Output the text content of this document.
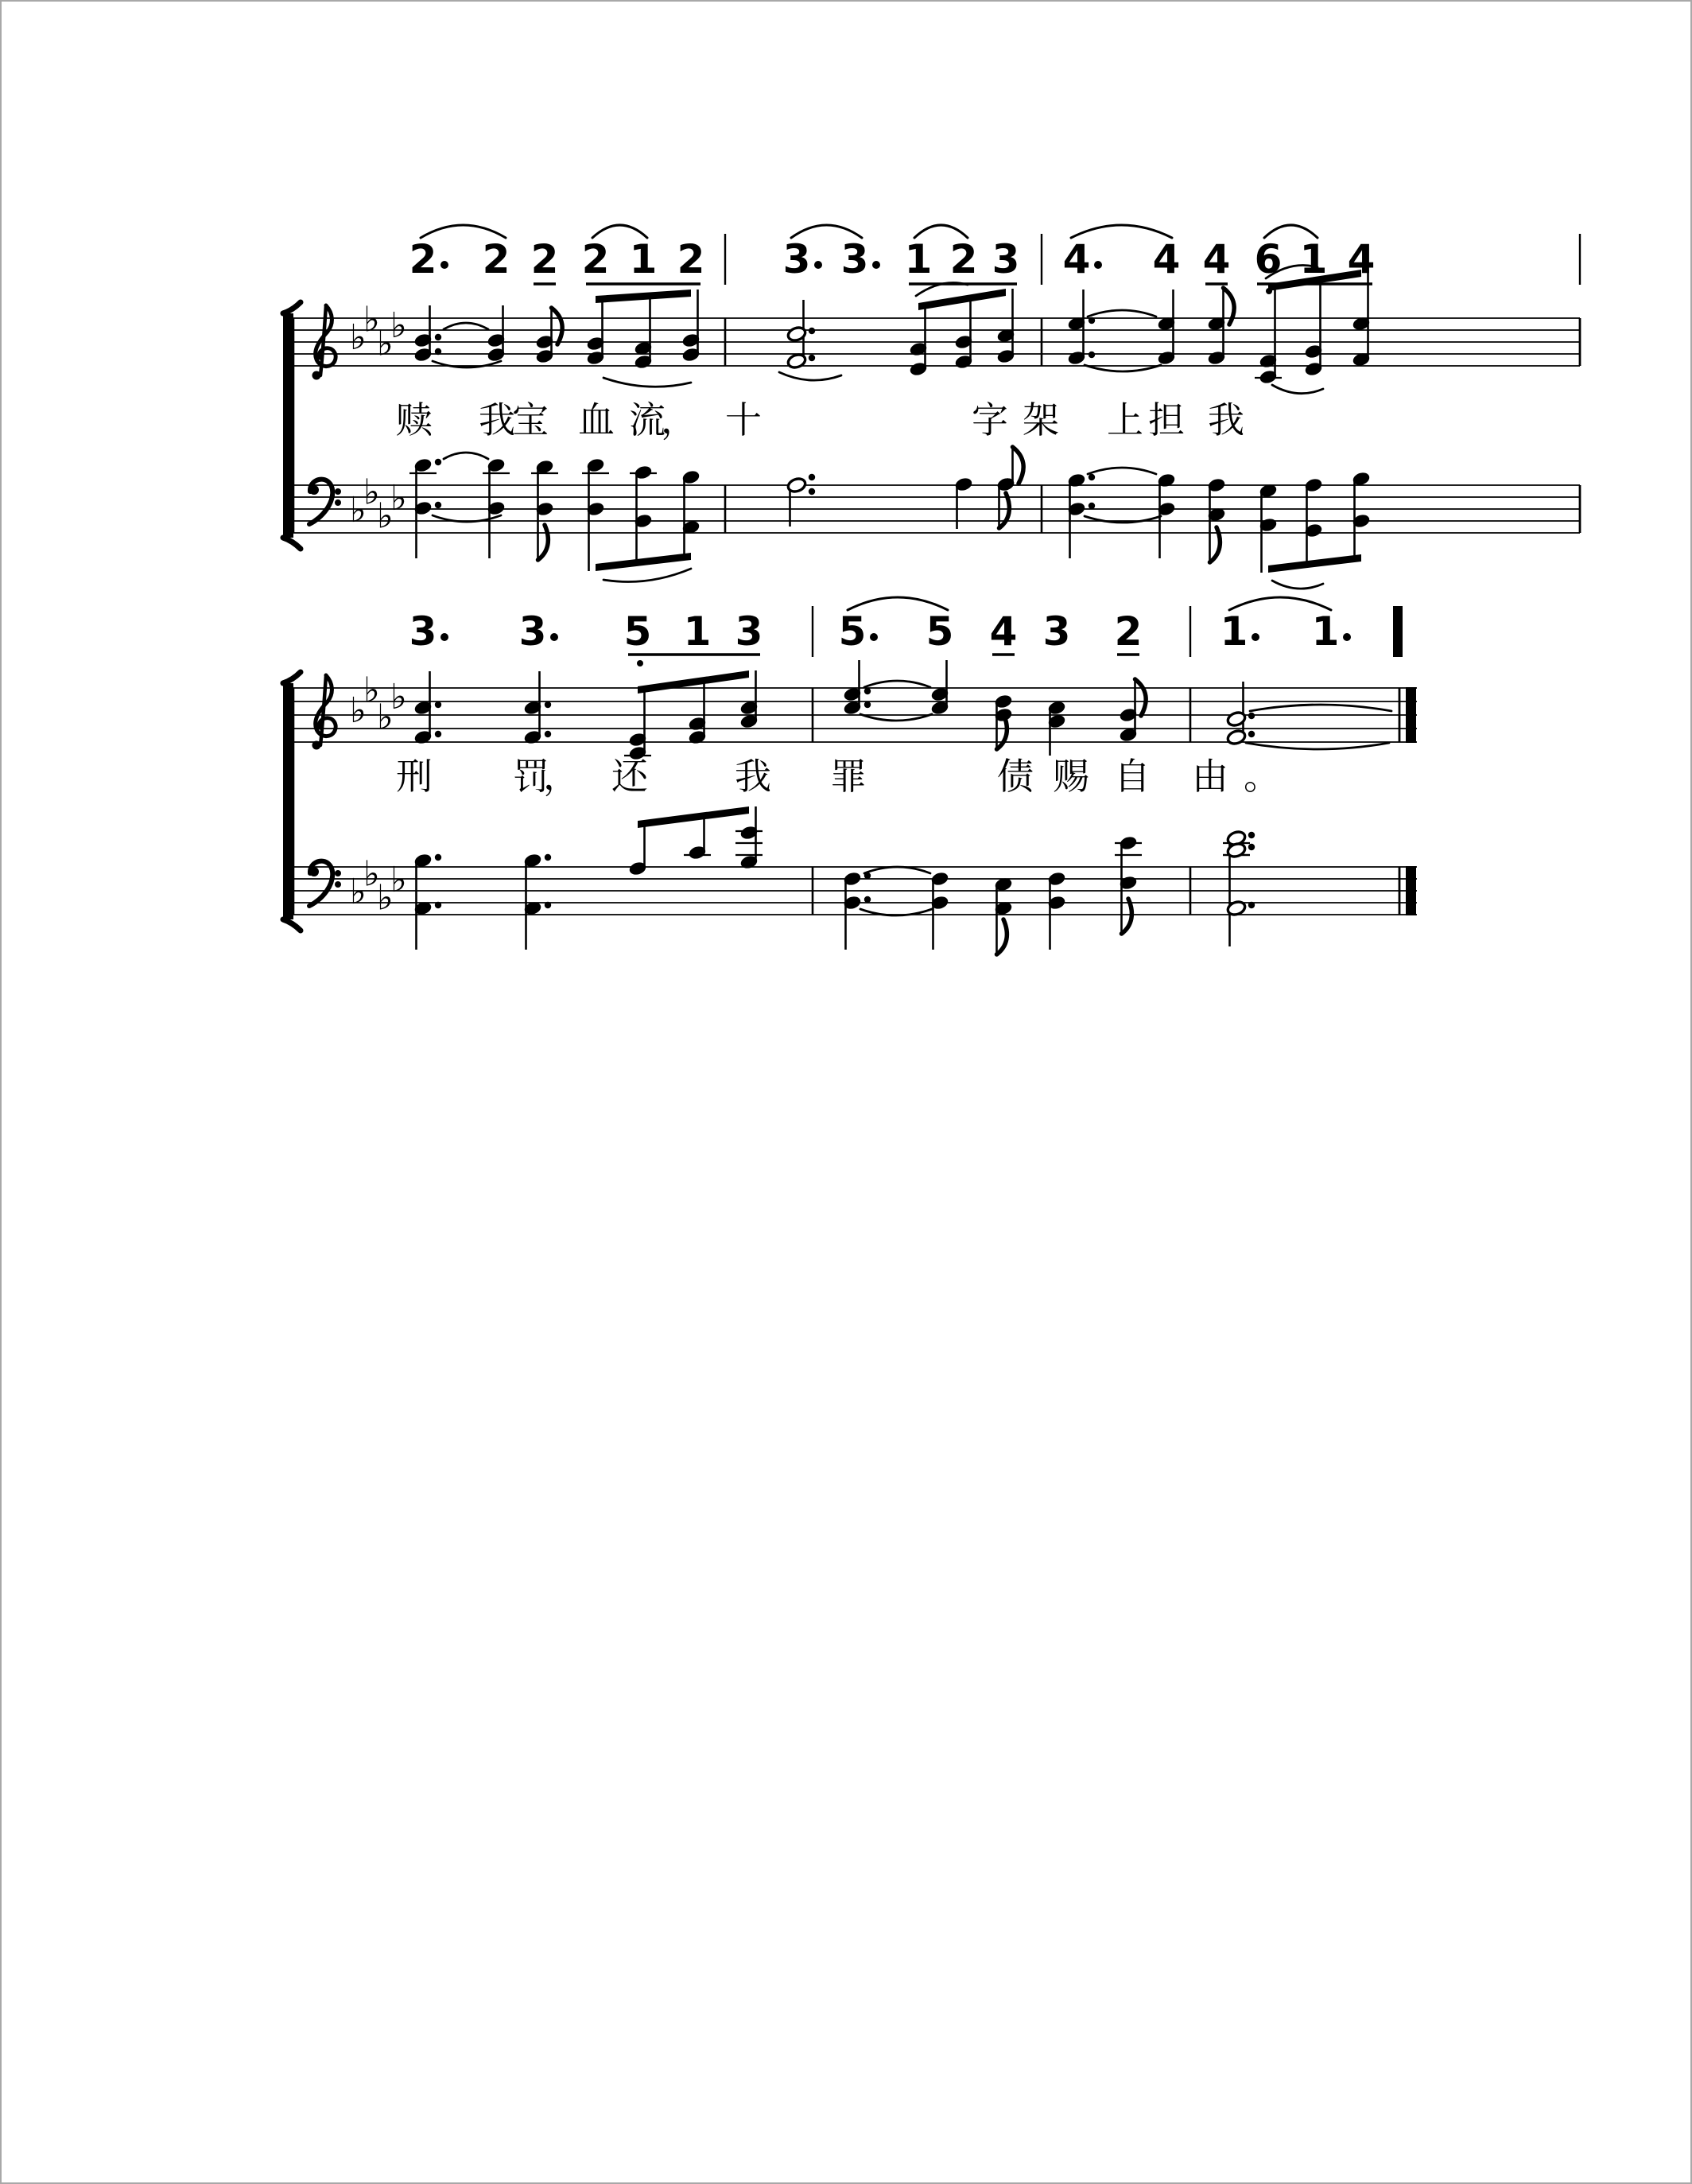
♭
♭
♭
♭
♭
♭
♭
♭
♭
♭
♭
♭
♭
♭
♭
♭
2 2 2 2 1 2 3 3 1 2 3 4 4 4 6 1 4
3 3 5 1 3 5 5 4 3 2 1 1
赎 我
宝 血 流
， 十	字 架 上 担 我
刑 罚
， 还 我 罪	债 赐 自 由 。
